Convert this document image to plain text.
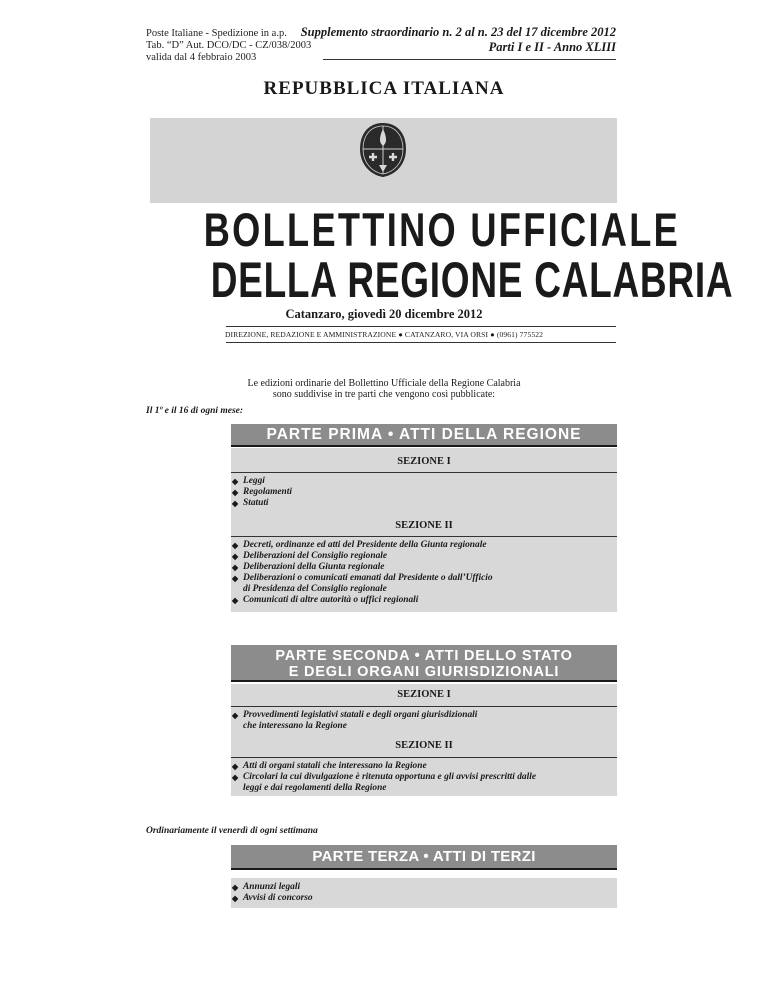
Poste Italiane - Spedizione in a.p.
Tab. “D” Aut. DCO/DC - CZ/038/2003
valida dal 4 febbraio 2003
Supplemento straordinario n. 2 al n. 23 del 17 dicembre 2012
Parti I e II - Anno XLIII
REPUBBLICA ITALIANA
BOLLETTINO UFFICIALE
DELLA REGIONE CALABRIA
Catanzaro, giovedì 20 dicembre 2012
DIREZIONE, REDAZIONE E AMMINISTRAZIONE ● CATANZARO, VIA ORSI ● (0961) 775522
Le edizioni ordinarie del Bollettino Ufficiale della Regione Calabria
sono suddivise in tre parti che vengono così pubblicate:
Il 1º e il 16 di ogni mese:
PARTE PRIMA • ATTI DELLA REGIONE
SEZIONE I
◆ Leggi
◆ Regolamenti
◆ Statuti
SEZIONE II
◆ Decreti, ordinanze ed atti del Presidente della Giunta regionale
◆ Deliberazioni del Consiglio regionale
◆ Deliberazioni della Giunta regionale
◆ Deliberazioni o comunicati emanati dal Presidente o dall’Ufficio
di Presidenza del Consiglio regionale
◆ Comunicati di altre autorità o uffici regionali
PARTE SECONDA • ATTI DELLO STATO
E DEGLI ORGANI GIURISDIZIONALI
SEZIONE I
◆ Provvedimenti legislativi statali e degli organi giurisdizionali
che interessano la Regione
SEZIONE II
◆ Atti di organi statali che interessano la Regione
◆ Circolari la cui divulgazione è ritenuta opportuna e gli avvisi prescritti dalle
leggi e dai regolamenti della Regione
Ordinariamente il venerdì di ogni settimana
PARTE TERZA • ATTI DI TERZI
◆ Annunzi legali
◆ Avvisi di concorso
